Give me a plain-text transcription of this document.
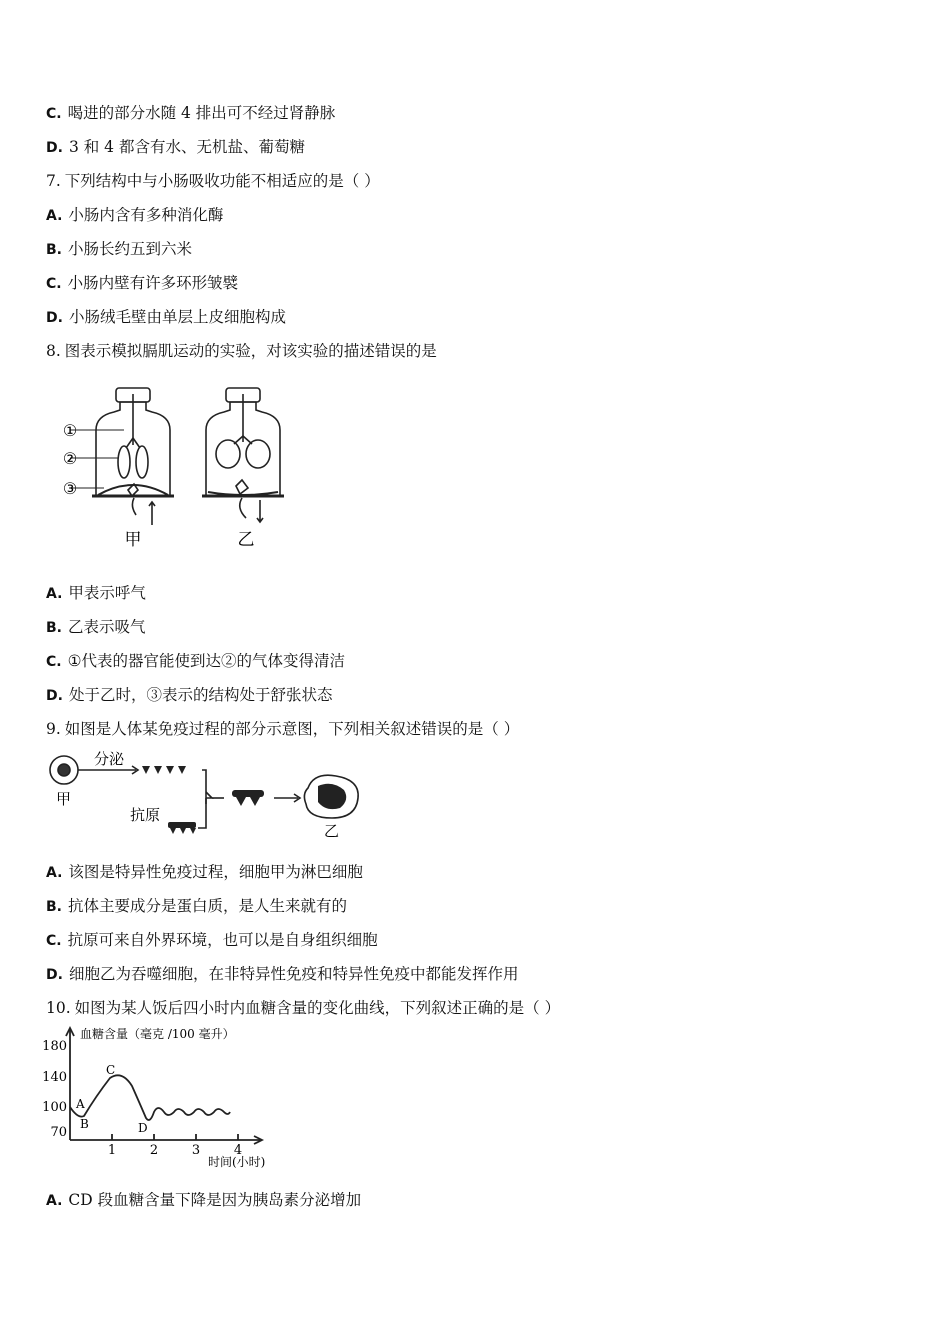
C. 喝进的部分水随 4 排出可不经过肾静脉
D. 3 和 4 都含有水、无机盐、葡萄糖
7. 下列结构中与小肠吸收功能不相适应的是（ ）
A. 小肠内含有多种消化酶
B. 小肠长约五到六米
C. 小肠内壁有许多环形皱襞
D. 小肠绒毛壁由单层上皮细胞构成
8. 图表示模拟膈肌运动的实验，对该实验的描述错误的是
A. 甲表示呼气
B. 乙表示吸气
C. ①代表的器官能使到达②的气体变得清洁
D. 处于乙时，③表示的结构处于舒张状态
9. 如图是人体某免疫过程的部分示意图，下列相关叙述错误的是（ ）
A. 该图是特异性免疫过程，细胞甲为淋巴细胞
B. 抗体主要成分是蛋白质，是人生来就有的
C. 抗原可来自外界环境，也可以是自身组织细胞
D. 细胞乙为吞噬细胞，在非特异性免疫和特异性免疫中都能发挥作用
10. 如图为某人饭后四小时内血糖含量的变化曲线，下列叙述正确的是（ ）
A. CD 段血糖含量下降是因为胰岛素分泌增加
①
②
③
甲	乙
分泌
甲
抗原
乙
血糖含量（毫克 /100 毫升）
时间(小时)
180
140
100
70
1	2	3	4
A
B
C
D
